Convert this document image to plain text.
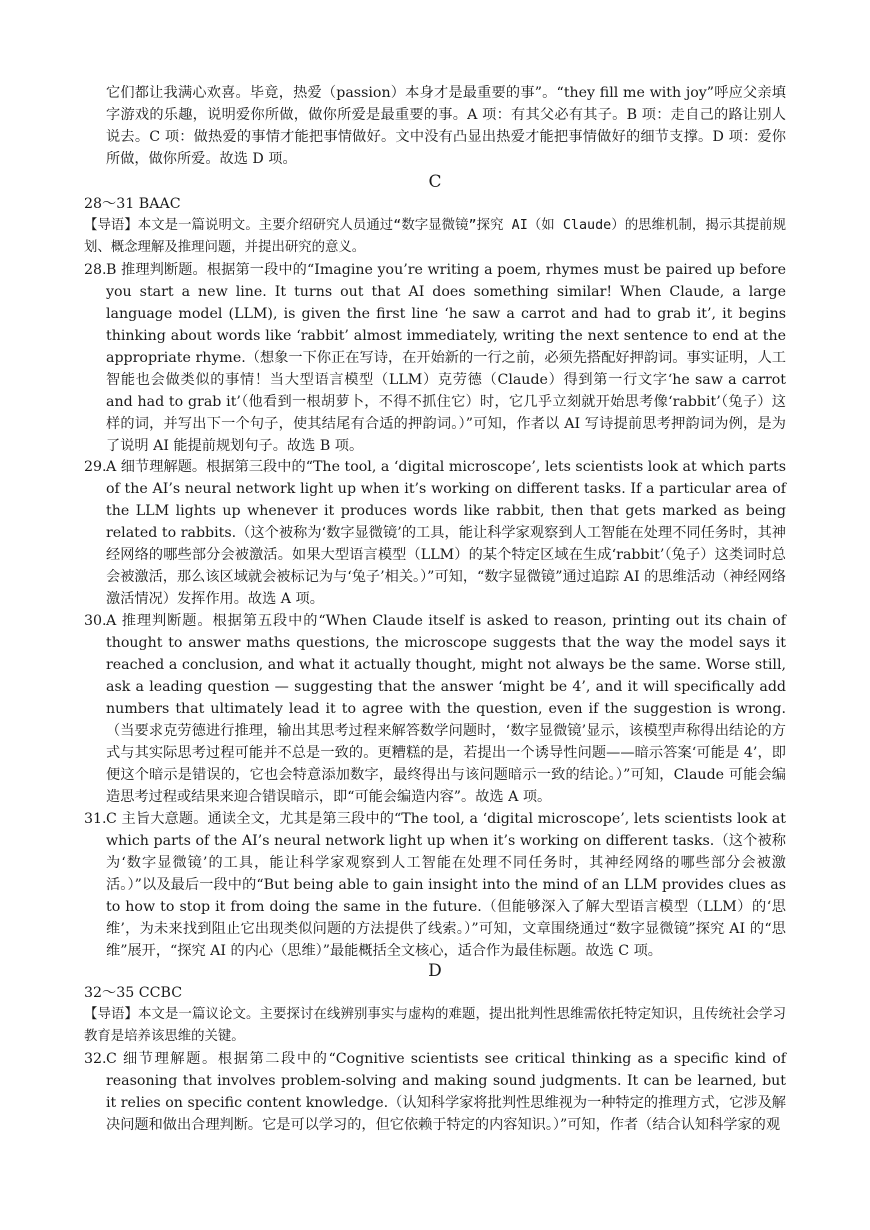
它们都让我满心欢喜。毕竟，热爱（passion）本身才是最重要的事”。“they fill me with joy”呼应父亲填字游戏的乐趣，说明爱你所做，做你所爱是最重要的事。A 项：有其父必有其子。B 项：走自己的路让别人说去。C 项：做热爱的事情才能把事情做好。文中没有凸显出热爱才能把事情做好的细节支撑。D 项：爱你所做，做你所爱。故选 D 项。

C
28～31 BAAC

【导语】本文是一篇说明文。主要介绍研究人员通过“数字显微镜”探究 AI（如 Claude）的思维机制，揭示其提前规划、概念理解及推理问题，并提出研究的意义。

28. B 推理判断题。根据第一段中的“Imagine you’re writing a poem, rhymes must be paired up before you start a new line. It turns out that AI does something similar! When Claude, a large language model (LLM), is given the first line ‘he saw a carrot and had to grab it’, it begins thinking about words like ‘rabbit’ almost immediately, writing the next sentence to end at the appropriate rhyme.（想象一下你正在写诗，在开始新的一行之前，必须先搭配好押韵词。事实证明，人工智能也会做类似的事情！当大型语言模型（LLM）克劳德（Claude）得到第一行文字‘he saw a carrot and had to grab it’（他看到一根胡萝卜，不得不抓住它）时，它几乎立刻就开始思考像‘rabbit’（兔子）这样的词，并写出下一个句子，使其结尾有合适的押韵词。）”可知，作者以 AI 写诗提前思考押韵词为例，是为了说明 AI 能提前规划句子。故选 B 项。
29. A 细节理解题。根据第三段中的“The tool, a ‘digital microscope’, lets scientists look at which parts of the AI’s neural network light up when it’s working on different tasks. If a particular area of the LLM lights up whenever it produces words like rabbit, then that gets marked as being related to rabbits.（这个被称为‘数字显微镜’的工具，能让科学家观察到人工智能在处理不同任务时，其神经网络的哪些部分会被激活。如果大型语言模型（LLM）的某个特定区域在生成‘rabbit’（兔子）这类词时总会被激活，那么该区域就会被标记为与‘兔子’相关。）”可知，“数字显微镜”通过追踪 AI 的思维活动（神经网络激活情况）发挥作用。故选 A 项。
30. A 推理判断题。根据第五段中的“When Claude itself is asked to reason, printing out its chain of thought to answer maths questions, the microscope suggests that the way the model says it reached a conclusion, and what it actually thought, might not always be the same. Worse still, ask a leading question — suggesting that the answer ‘might be 4’, and it will specifically add numbers that ultimately lead it to agree with the question, even if the suggestion is wrong.（当要求克劳德进行推理，输出其思考过程来解答数学问题时，‘数字显微镜’显示，该模型声称得出结论的方式与其实际思考过程可能并不总是一致的。更糟糕的是，若提出一个诱导性问题——暗示答案‘可能是 4’，即便这个暗示是错误的，它也会特意添加数字，最终得出与该问题暗示一致的结论。）”可知，Claude 可能会编造思考过程或结果来迎合错误暗示，即“可能会编造内容”。故选 A 项。
31. C 主旨大意题。通读全文，尤其是第三段中的“The tool, a ‘digital microscope’, lets scientists look at which parts of the AI’s neural network light up when it’s working on different tasks.（这个被称为‘数字显微镜’的工具，能让科学家观察到人工智能在处理不同任务时，其神经网络的哪些部分会被激活。）”以及最后一段中的“But being able to gain insight into the mind of an LLM provides clues as to how to stop it from doing the same in the future.（但能够深入了解大型语言模型（LLM）的‘思维’，为未来找到阻止它出现类似问题的方法提供了线索。）”可知，文章围绕通过“数字显微镜”探究 AI 的“思维”展开，“探究 AI 的内心（思维）”最能概括全文核心，适合作为最佳标题。故选 C 项。
D
32～35 CCBC

【导语】本文是一篇议论文。主要探讨在线辨别事实与虚构的难题，提出批判性思维需依托特定知识，且传统社会学习教育是培养该思维的关键。

32. C 细节理解题。根据第二段中的“Cognitive scientists see critical thinking as a specific kind of reasoning that involves problem-solving and making sound judgments. It can be learned, but it relies on specific content knowledge.（认知科学家将批判性思维视为一种特定的推理方式，它涉及解决问题和做出合理判断。它是可以学习的，但它依赖于特定的内容知识。）”可知，作者（结合认知科学家的观
